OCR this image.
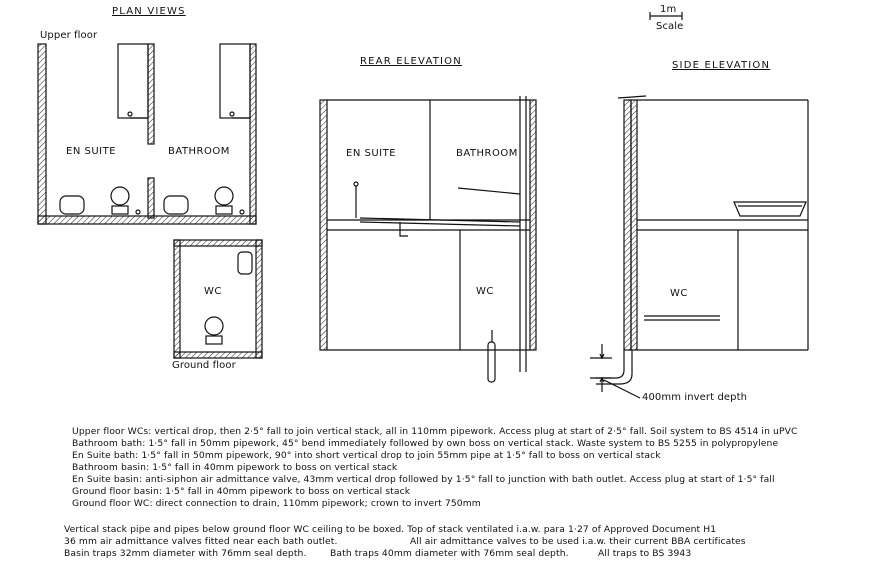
PLAN VIEWS
REAR ELEVATION	SIDE ELEVATION
1m
Scale
Upper floor
EN SUITE	BATHROOM
WC
Ground floor
EN SUITE	BATHROOM
WC	WC
400mm invert depth
Upper floor WCs: vertical drop, then 2·5° fall to join vertical stack, all in 110mm pipework. Access plug at start of 2·5° fall. Soil system to BS 4514 in uPVC
Bathroom bath: 1·5° fall in 50mm pipework, 45° bend immediately followed by own boss on vertical stack. Waste system to BS 5255 in polypropylene
En Suite bath: 1·5° fall in 50mm pipework, 90° into short vertical drop to join 55mm pipe at 1·5° fall to boss on vertical stack
Bathroom basin: 1·5° fall in 40mm pipework to boss on vertical stack
En Suite basin: anti-siphon air admittance valve, 43mm vertical drop followed by 1·5° fall to junction with bath outlet. Access plug at start of 1·5° fall
Ground floor basin: 1·5° fall in 40mm pipework to boss on vertical stack
Ground floor WC: direct connection to drain, 110mm pipework; crown to invert 750mm
Vertical stack pipe and pipes below ground floor WC ceiling to be boxed. Top of stack ventilated i.a.w. para 1·27 of Approved Document H1
36 mm air admittance valves fitted near each bath outlet.	All air admittance valves to be used i.a.w. their current BBA certificates
Basin traps 32mm diameter with 76mm seal depth.	Bath traps 40mm diameter with 76mm seal depth.	All traps to BS 3943
